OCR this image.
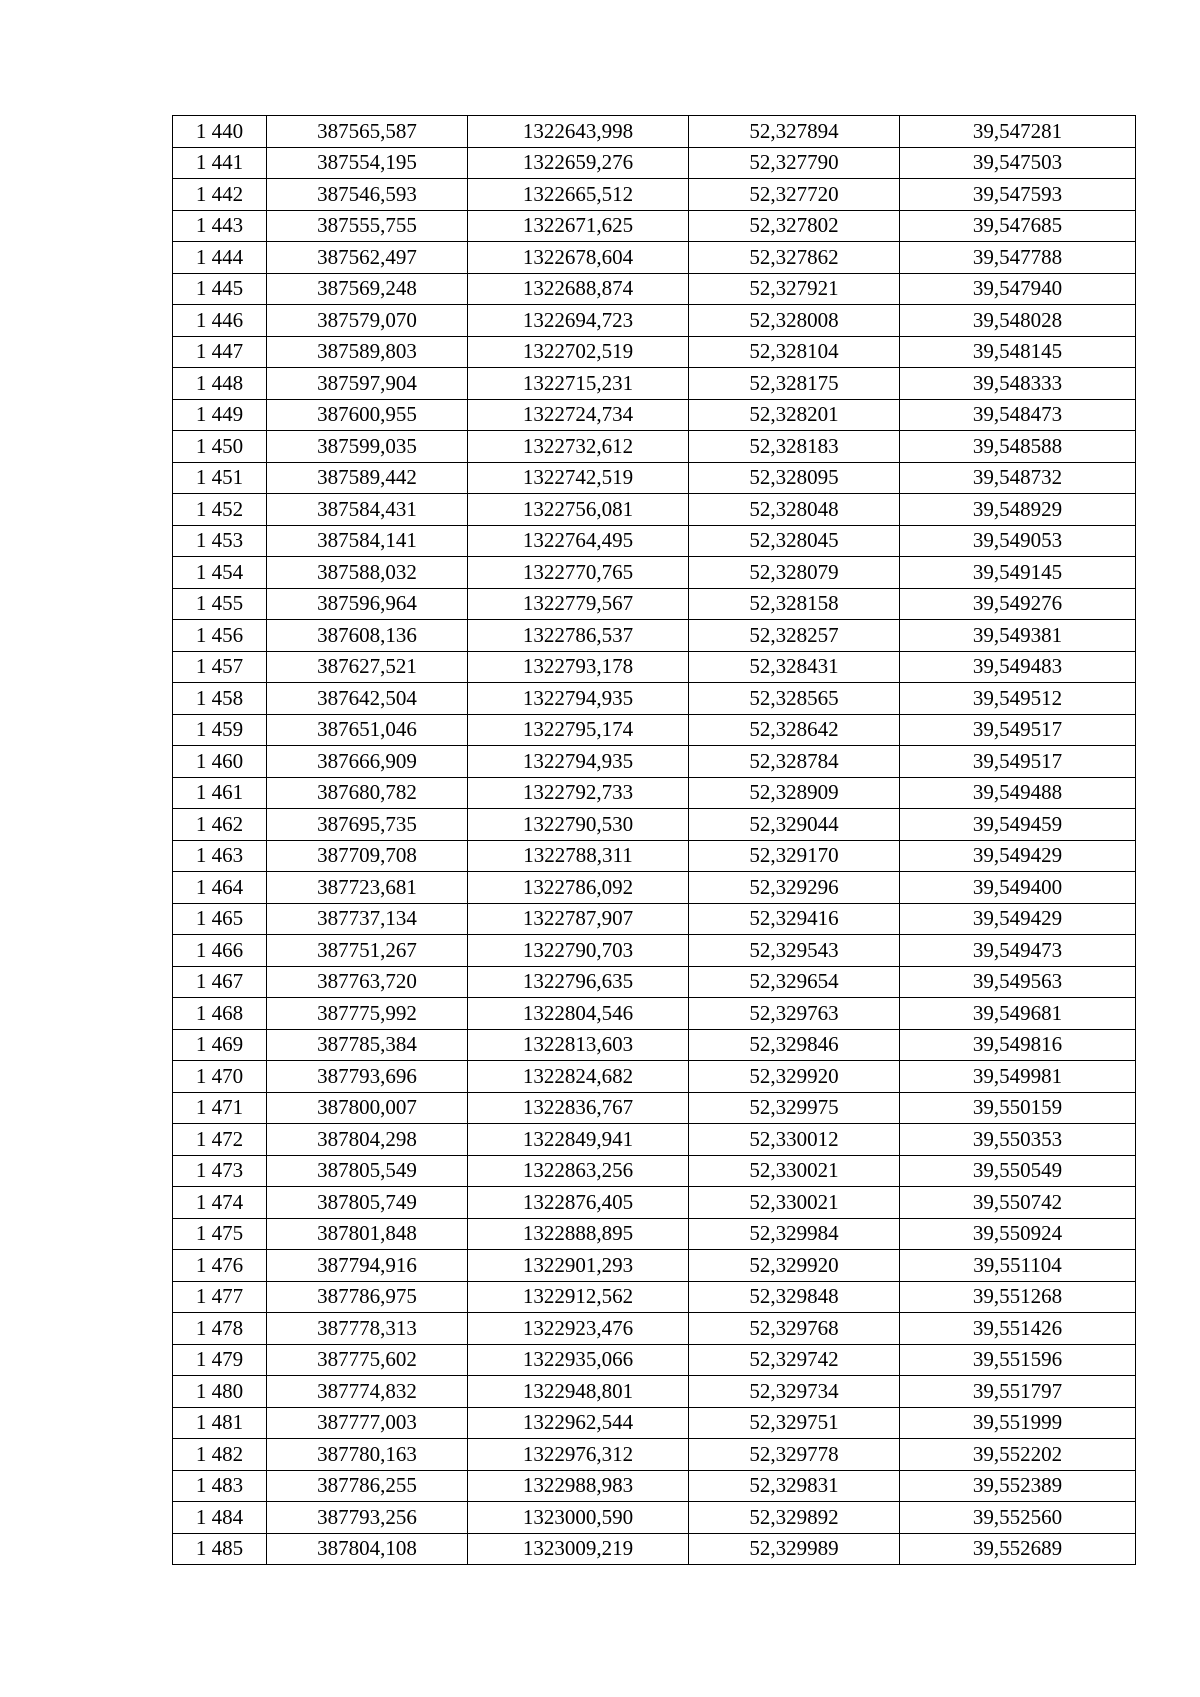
1 440	387565,587	1322643,998	52,327894	39,547281
1 441	387554,195	1322659,276	52,327790	39,547503
1 442	387546,593	1322665,512	52,327720	39,547593
1 443	387555,755	1322671,625	52,327802	39,547685
1 444	387562,497	1322678,604	52,327862	39,547788
1 445	387569,248	1322688,874	52,327921	39,547940
1 446	387579,070	1322694,723	52,328008	39,548028
1 447	387589,803	1322702,519	52,328104	39,548145
1 448	387597,904	1322715,231	52,328175	39,548333
1 449	387600,955	1322724,734	52,328201	39,548473
1 450	387599,035	1322732,612	52,328183	39,548588
1 451	387589,442	1322742,519	52,328095	39,548732
1 452	387584,431	1322756,081	52,328048	39,548929
1 453	387584,141	1322764,495	52,328045	39,549053
1 454	387588,032	1322770,765	52,328079	39,549145
1 455	387596,964	1322779,567	52,328158	39,549276
1 456	387608,136	1322786,537	52,328257	39,549381
1 457	387627,521	1322793,178	52,328431	39,549483
1 458	387642,504	1322794,935	52,328565	39,549512
1 459	387651,046	1322795,174	52,328642	39,549517
1 460	387666,909	1322794,935	52,328784	39,549517
1 461	387680,782	1322792,733	52,328909	39,549488
1 462	387695,735	1322790,530	52,329044	39,549459
1 463	387709,708	1322788,311	52,329170	39,549429
1 464	387723,681	1322786,092	52,329296	39,549400
1 465	387737,134	1322787,907	52,329416	39,549429
1 466	387751,267	1322790,703	52,329543	39,549473
1 467	387763,720	1322796,635	52,329654	39,549563
1 468	387775,992	1322804,546	52,329763	39,549681
1 469	387785,384	1322813,603	52,329846	39,549816
1 470	387793,696	1322824,682	52,329920	39,549981
1 471	387800,007	1322836,767	52,329975	39,550159
1 472	387804,298	1322849,941	52,330012	39,550353
1 473	387805,549	1322863,256	52,330021	39,550549
1 474	387805,749	1322876,405	52,330021	39,550742
1 475	387801,848	1322888,895	52,329984	39,550924
1 476	387794,916	1322901,293	52,329920	39,551104
1 477	387786,975	1322912,562	52,329848	39,551268
1 478	387778,313	1322923,476	52,329768	39,551426
1 479	387775,602	1322935,066	52,329742	39,551596
1 480	387774,832	1322948,801	52,329734	39,551797
1 481	387777,003	1322962,544	52,329751	39,551999
1 482	387780,163	1322976,312	52,329778	39,552202
1 483	387786,255	1322988,983	52,329831	39,552389
1 484	387793,256	1323000,590	52,329892	39,552560
1 485	387804,108	1323009,219	52,329989	39,552689
